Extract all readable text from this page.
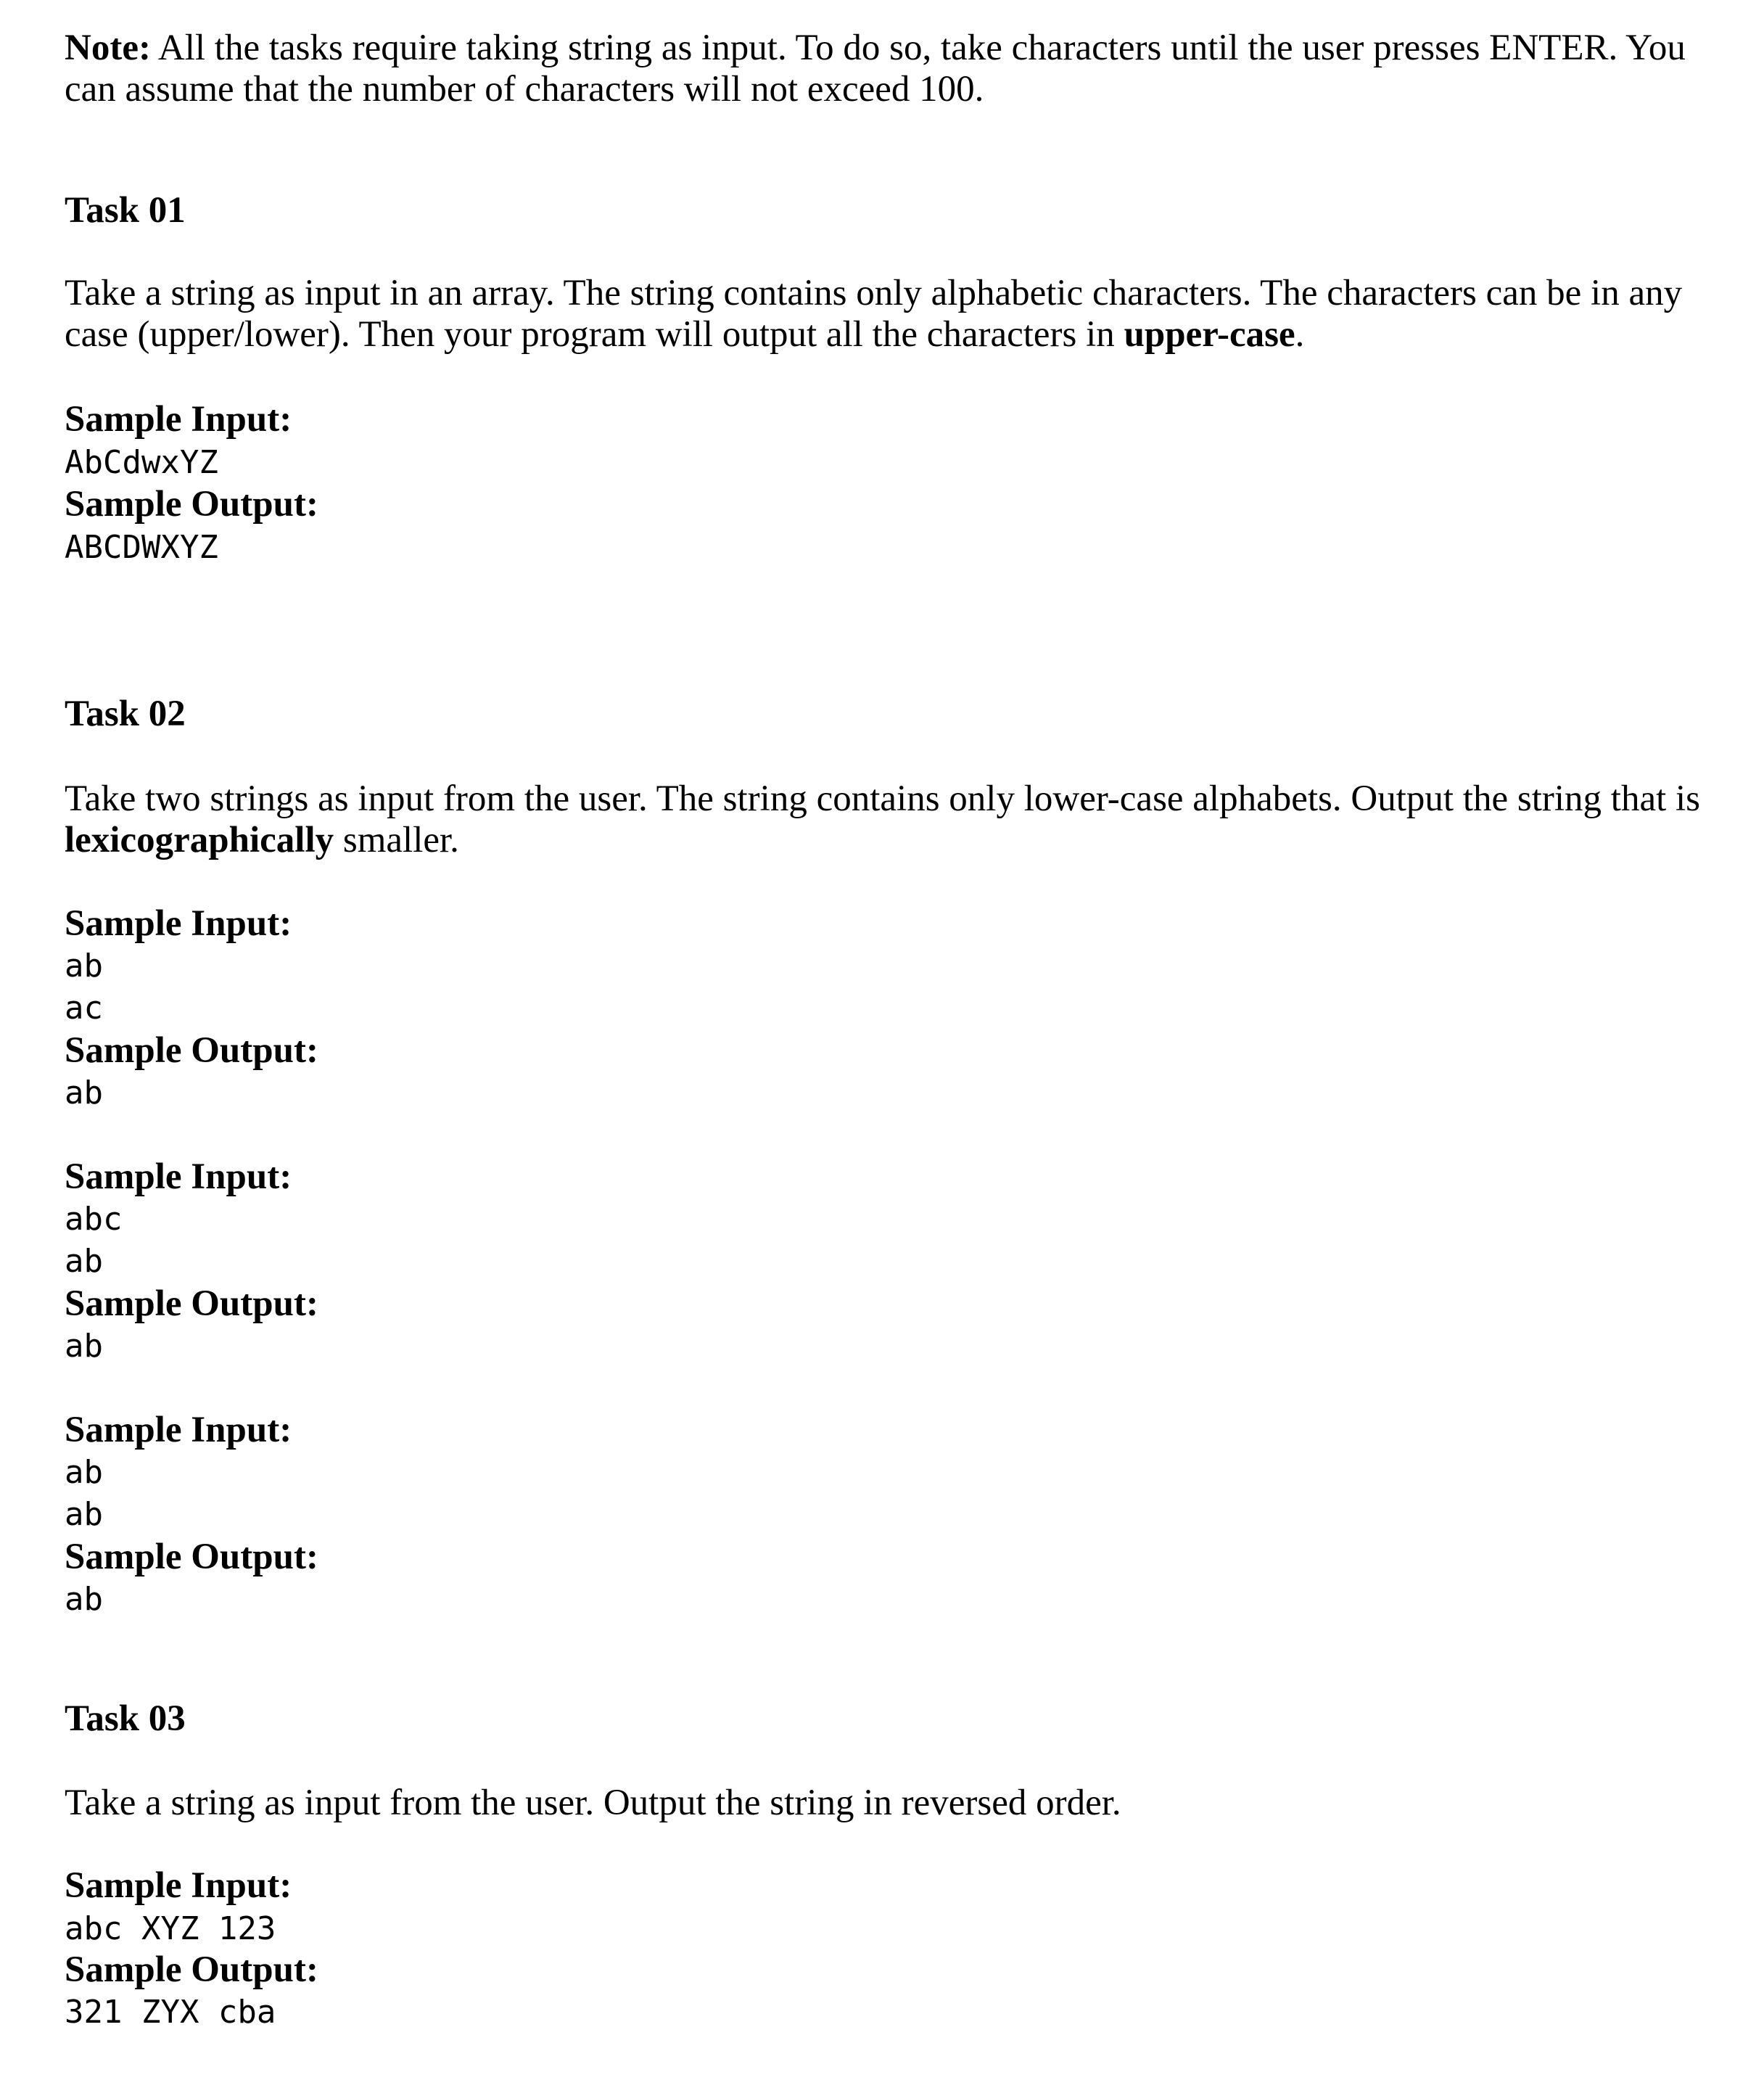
Note: All the tasks require taking string as input. To do so, take characters until the user presses ENTER. You can assume that the number of characters will not exceed 100.

Task 01

Take a string as input in an array. The string contains only alphabetic characters. The characters can be in any case (upper/lower). Then your program will output all the characters in upper-case.

Sample Input:
AbCdwxYZ
Sample Output:
ABCDWXYZ
Task 02

Take two strings as input from the user. The string contains only lower-case alphabets. Output the string that is lexicographically smaller.

Sample Input:
ab
ac
Sample Output:
ab
Sample Input:
abc
ab
Sample Output:
ab
Sample Input:
ab
ab
Sample Output:
ab
Task 03

Take a string as input from the user. Output the string in reversed order.

Sample Input:
abc XYZ 123
Sample Output:
321 ZYX cba
